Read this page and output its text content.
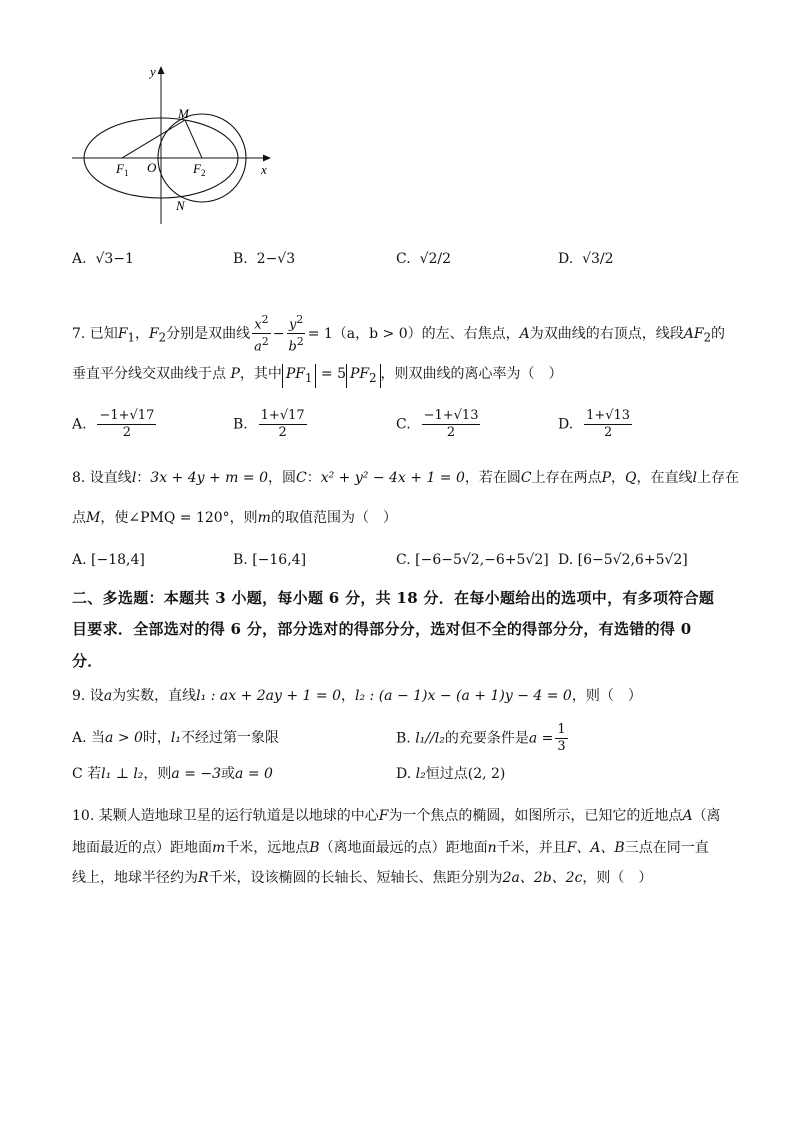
y
x
M
N
O
$F_1$	$F_2$
A. √3−1	B. 2−√3	C. √2/2	D. √3/2
7. 已知$F_1$，$F_2$分别是双曲线 $\frac{x^2}{a^2} - \frac{y^2}{b^2} = 1(a$，b > 0）的左、右焦点，A为双曲线的右顶点，线段$AF_2$的
垂直平分线交双曲线于点 P，其中 $PF_1 = 5$ $PF_2$ ，则双曲线的离心率为（　）
A. $\frac{-1+√17}{2}$	B. $\frac{1+√17}{2}$	C. $\frac{-1+√13}{2}$	D. $\frac{1+√13}{2}$
8. 设直线l：3x + 4y + m = 0，圆C：x² + y² − 4x + 1 = 0，若在圆C上存在两点P，Q，在直线l上存在
点M，使∠PMQ = 120°，则m的取值范围为（　）
A. [−18,4]	B. [−16,4]	C. [−6−5√2,−6+5√2] D. [6−5√2,6+5√2]
二、多选题：本题共 3 小题，每小题 6 分，共 18 分．在每小题给出的选项中，有多项符合题
目要求．全部选对的得 6 分，部分选对的得部分分，选对但不全的得部分分，有选错的得 0
分．
9. 设a为实数，直线l₁ : ax + 2ay + 1 = 0，l₂ : (a − 1)x − (a + 1)y − 4 = 0，则（　）
A. 当a > 0时，l₁不经过第一象限	B. l₁//l₂的充要条件是$a = \frac{1}{3}$
C 若l₁ ⊥ l₂，则a = −3或a = 0	D. l₂恒过点(2, 2)
10. 某颗人造地球卫星的运行轨道是以地球的中心F为一个焦点的椭圆，如图所示，已知它的近地点A（离
地面最近的点）距地面m千米，远地点B（离地面最远的点）距地面n千米，并且F、A、B三点在同一直
线上，地球半径约为R千米，设该椭圆的长轴长、短轴长、焦距分别为2a、2b、2c，则（　）
